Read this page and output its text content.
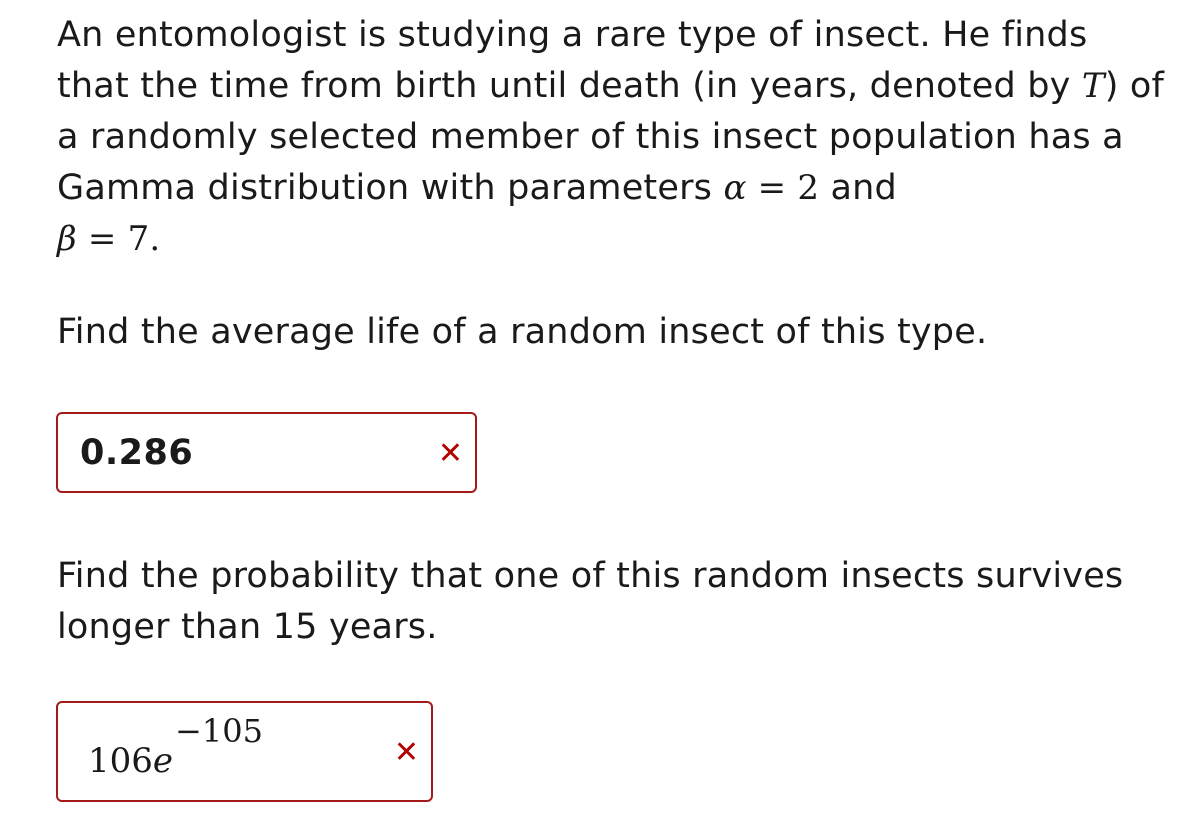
An entomologist is studying a rare type of insect. He finds that the time from birth until death (in years, denoted by T) of a randomly selected member of this insect population has a Gamma distribution with parameters α = 2 and
β = 7.

Find the average life of a random insect of this type.

0.286	✕

Find the probability that one of this random insects survives longer than 15 years.

106e−105
✕
